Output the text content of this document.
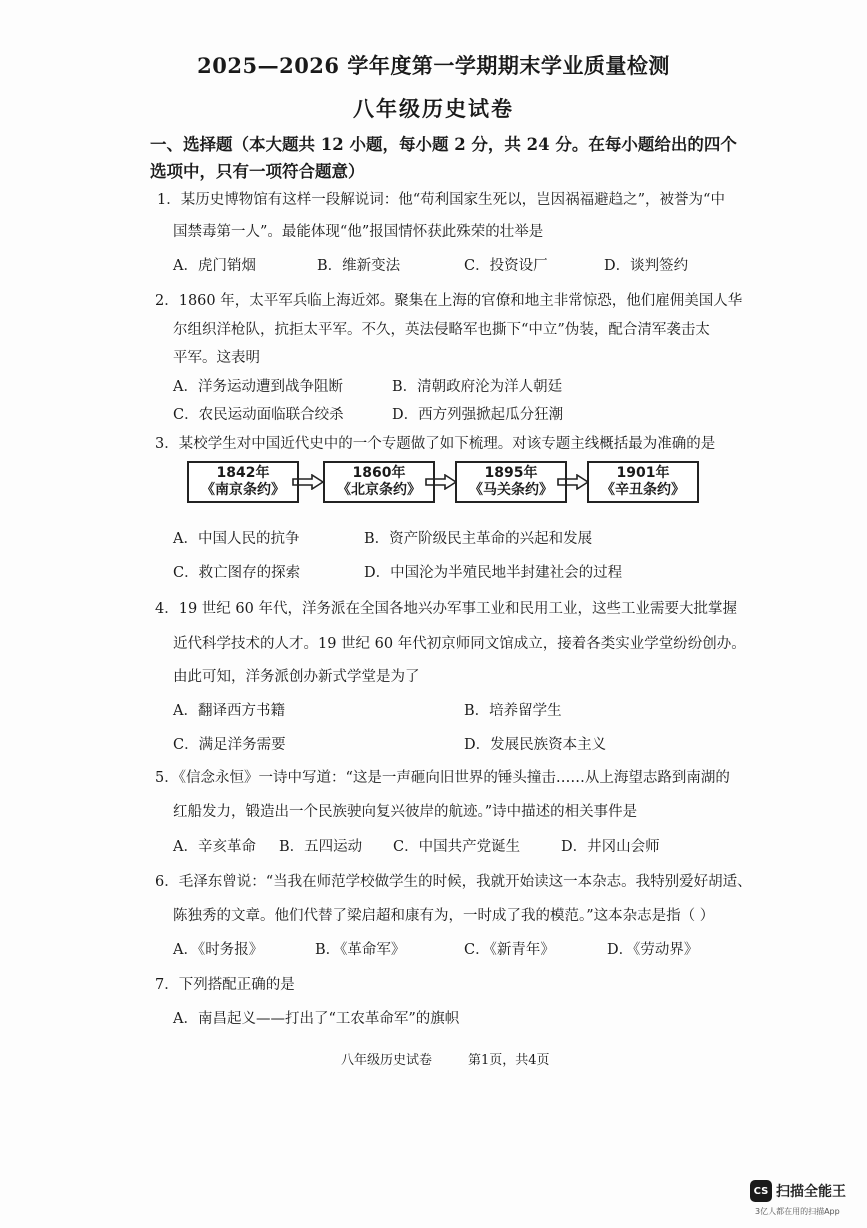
2025—2026 学年度第一学期期末学业质量检测
八年级历史试卷
一、选择题（本大题共 12 小题，每小题 2 分，共 24 分。在每小题给出的四个
选项中，只有一项符合题意）
1．某历史博物馆有这样一段解说词：他“苟利国家生死以，岂因祸福避趋之”，被誉为“中
国禁毒第一人”。最能体现“他”报国情怀获此殊荣的壮举是
A．虎门销烟	B．维新变法	C．投资设厂	D．谈判签约
2．1860 年，太平军兵临上海近郊。聚集在上海的官僚和地主非常惊恐，他们雇佣美国人华
尔组织洋枪队，抗拒太平军。不久，英法侵略军也撕下“中立”伪装，配合清军袭击太
平军。这表明
A．洋务运动遭到战争阻断	B．清朝政府沦为洋人朝廷
C．农民运动面临联合绞杀	D．西方列强掀起瓜分狂潮
3．某校学生对中国近代史中的一个专题做了如下梳理。对该专题主线概括最为准确的是
1842年
《南京条约》
1860年
《北京条约》
1895年
《马关条约》
1901年
《辛丑条约》
A．中国人民的抗争	B．资产阶级民主革命的兴起和发展
C．救亡图存的探索	D．中国沦为半殖民地半封建社会的过程
4．19 世纪 60 年代，洋务派在全国各地兴办军事工业和民用工业，这些工业需要大批掌握
近代科学技术的人才。19 世纪 60 年代初京师同文馆成立，接着各类实业学堂纷纷创办。
由此可知，洋务派创办新式学堂是为了
A．翻译西方书籍	B．培养留学生
C．满足洋务需要	D．发展民族资本主义
5．《信念永恒》一诗中写道：“这是一声砸向旧世界的锤头撞击……从上海望志路到南湖的
红船发力，锻造出一个民族驶向复兴彼岸的航迹。”诗中描述的相关事件是
A．辛亥革命 B．五四运动 C．中国共产党诞生	D．井冈山会师
6．毛泽东曾说：“当我在师范学校做学生的时候，我就开始读这一本杂志。我特别爱好胡适、
陈独秀的文章。他们代替了梁启超和康有为，一时成了我的模范。”这本杂志是指（ ）
A．《时务报》	B．《革命军》	C．《新青年》	D．《劳动界》
7．下列搭配正确的是
A．南昌起义——打出了“工农革命军”的旗帜
八年级历史试卷	第1页，共4页
CS 扫描全能王
3亿人都在用的扫描App
